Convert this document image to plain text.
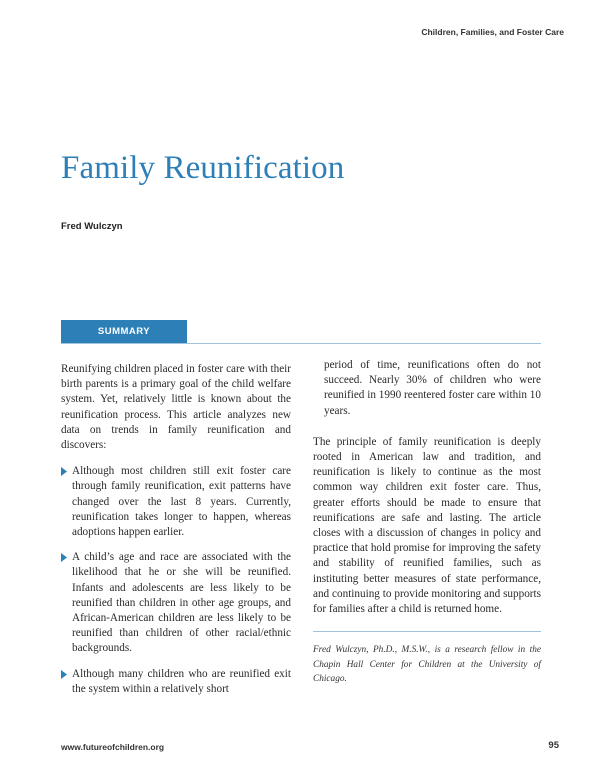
Children, Families, and Foster Care
Family Reunification
Fred Wulczyn
SUMMARY

Reunifying children placed in foster care with their birth parents is a primary goal of the child welfare system. Yet, relatively little is known about the reunification process. This article analyzes new data on trends in family reunification and discovers:

Although most children still exit foster care through family reunification, exit patterns have changed over the last 8 years. Currently, reunification takes longer to happen, whereas adoptions happen earlier.
A child’s age and race are associated with the likelihood that he or she will be reunified. Infants and adolescents are less likely to be reunified than children in other age groups, and African-American children are less likely to be reunified than children of other racial/ethnic backgrounds.
Although many children who are reunified exit the system within a relatively short

period of time, reunifications often do not succeed. Nearly 30% of children who were reunified in 1990 reentered foster care within 10 years.

The principle of family reunification is deeply rooted in American law and tradition, and reunification is likely to continue as the most common way children exit foster care. Thus, greater efforts should be made to ensure that reunifications are safe and lasting. The article closes with a discussion of changes in policy and practice that hold promise for improving the safety and stability of reunified families, such as instituting better measures of state performance, and continuing to provide monitoring and supports for families after a child is returned home.

Fred Wulczyn, Ph.D., M.S.W., is a research fellow in the Chapin Hall Center for Children at the University of Chicago.

www.futureofchildren.org	95
